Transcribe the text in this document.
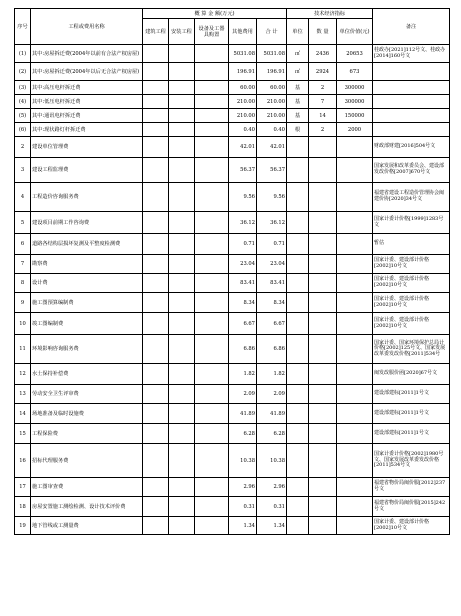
序号	工程或费用名称	概 算 金 额(万元)					技术经济指标			备注
		建筑工程	安装工程	设备及工器具购置	其他费用	合 计	单位	数 量	单位价值(元)	
(1)	其中:房屋拆迁费(2004年以前有合法产权房屋)				5031.08	5031.08	㎡	2436	20653	桂政办[2021]112号文、桂政办[2014]160号文
(2)	其中:房屋拆迁费(2004年以后无合法产权房屋)				196.91	196.91	㎡	2924	673	
(3)	其中:高压电杆拆迁费				60.00	60.00	基	2	300000	
(4)	其中:低压电杆拆迁费				210.00	210.00	基	7	300000	
(5)	其中:通讯电杆拆迁费				210.00	210.00	基	14	150000	
(6)	其中:现状路灯杆拆迁费				0.40	0.40	根	2	2000	
2	建设单位管理费				42.01	42.01				财政部财建[2016]504号文
3	建设工程监理费				56.37	56.37				国家发展和改革委员会、建设部发改价格[2007]670号文
4	工程造价咨询服务费				9.56	9.56				福建省建设工程造价管理协会闽建价协[2020]34号文
5	建设项目前期工作咨询费				36.12	36.12				国家计委计价格[1999]1283号文
6	道路各结构层损坏复测及平整度检测费				0.71	0.71				暂估
7	勘察费				23.04	23.04				国家计委、建设部计价格[2002]10号文
8	设计费				83.41	83.41				国家计委、建设部计价格[2002]10号文
9	施工图预算编制费				8.34	8.34				国家计委、建设部计价格[2002]10号文
10	竣工图编制费				6.67	6.67				国家计委、建设部计价格[2002]10号文
11	环境影响咨询服务费				6.86	6.86				国家计委、国家环境保护总局计价格[2002]125号文、国家发展改革委发改价格[2011]534号
12	水土保持补偿费				1.82	1.82				闽发改服价函[2020]67号文
13	劳动安全卫生评审费				2.09	2.09				建设部建标[2011]1号文
14	场地准备及临时设施费				41.89	41.89				建设部建标[2011]1号文
15	工程保险费				6.28	6.28				建设部建标[2011]1号文
16	招标代理服务费				10.38	10.38				国家计委计价格[2002]1980号文、国家发展改革委发改价格[2011]534号文
17	施工图审查费				2.96	2.96				福建省物价局闽价服[2012]237号文
18	房屋安置施工测绘检测、设计技术评价费				0.31	0.31				福建省物价局闽价服[2015]242号文
19	地下管线或工测量费				1.34	1.34				国家计委、建设部计价格[2002]10号文
